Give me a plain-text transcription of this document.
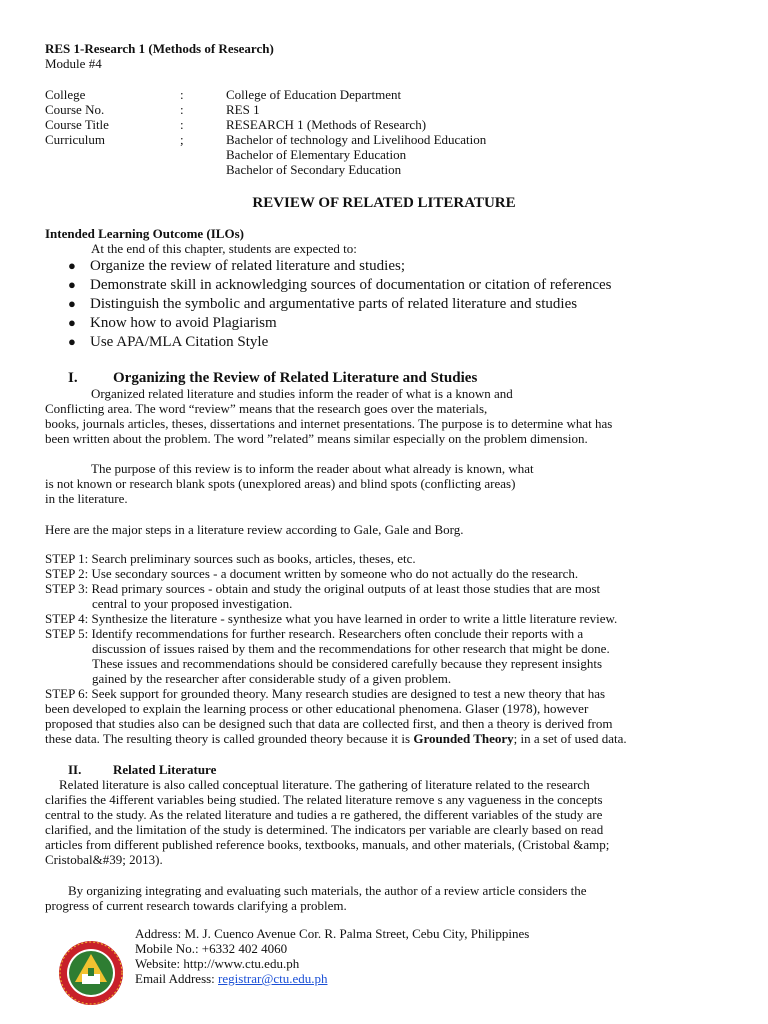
RES 1-Research 1 (Methods of Research)
Module #4
College	:	College of Education Department
Course No.	:	RES 1
Course Title	:	RESEARCH 1 (Methods of Research)
Curriculum	;	Bachelor of technology and Livelihood Education
Bachelor of Elementary Education
Bachelor of Secondary Education
REVIEW OF RELATED LITERATURE
Intended Learning Outcome (ILOs)
At the end of this chapter, students are expected to:
● Organize the review of related literature and studies;
● Demonstrate skill in acknowledging sources of documentation or citation of references
● Distinguish the symbolic and argumentative parts of related literature and studies
● Know how to avoid Plagiarism
● Use APA/MLA Citation Style
I. Organizing the Review of Related Literature and Studies
Organized related literature and studies inform the reader of what is a known and
Conflicting area. The word “review” means that the research goes over the materials,
books, journals articles, theses, dissertations and internet presentations. The purpose is to determine what has
been written about the problem. The word ”related” means similar especially on the problem dimension.
The purpose of this review is to inform the reader about what already is known, what
is not known or research blank spots (unexplored areas) and blind spots (conflicting areas)
in the literature.
Here are the major steps in a literature review according to Gale, Gale and Borg.
STEP 1: Search preliminary sources such as books, articles, theses, etc.
STEP 2: Use secondary sources - a document written by someone who do not actually do the research.
STEP 3: Read primary sources - obtain and study the original outputs of at least those studies that are most
central to your proposed investigation.
STEP 4: Synthesize the literature - synthesize what you have learned in order to write a little literature review.
STEP 5: Identify recommendations for further research. Researchers often conclude their reports with a
discussion of issues raised by them and the recommendations for other research that might be done.
These issues and recommendations should be considered carefully because they represent insights
gained by the researcher after considerable study of a given problem.
STEP 6: Seek support for grounded theory. Many research studies are designed to test a new theory that has
been developed to explain the learning process or other educational phenomena. Glaser (1978), however
proposed that studies also can be designed such that data are collected first, and then a theory is derived from
these data. The resulting theory is called grounded theory because it is Grounded Theory; in a set of used data.
II. Related Literature
Related literature is also called conceptual literature. The gathering of literature related to the research
clarifies the 4ifferent variables being studied. The related literature remove s any vagueness in the concepts
central to the study. As the related literature and tudies a re gathered, the different variables of the study are
clarified, and the limitation of the study is determined. The indicators per variable are clearly based on read
articles from different published reference books, textbooks, manuals, and other materials, (Cristobal &amp;
Cristobal&#39; 2013).
By organizing integrating and evaluating such materials, the author of a review article considers the
progress of current research towards clarifying a problem.
Address: M. J. Cuenco Avenue Cor. R. Palma Street, Cebu City, Philippines
Mobile No.: +6332 402 4060
Website: http://www.ctu.edu.ph
Email Address: registrar@ctu.edu.ph
